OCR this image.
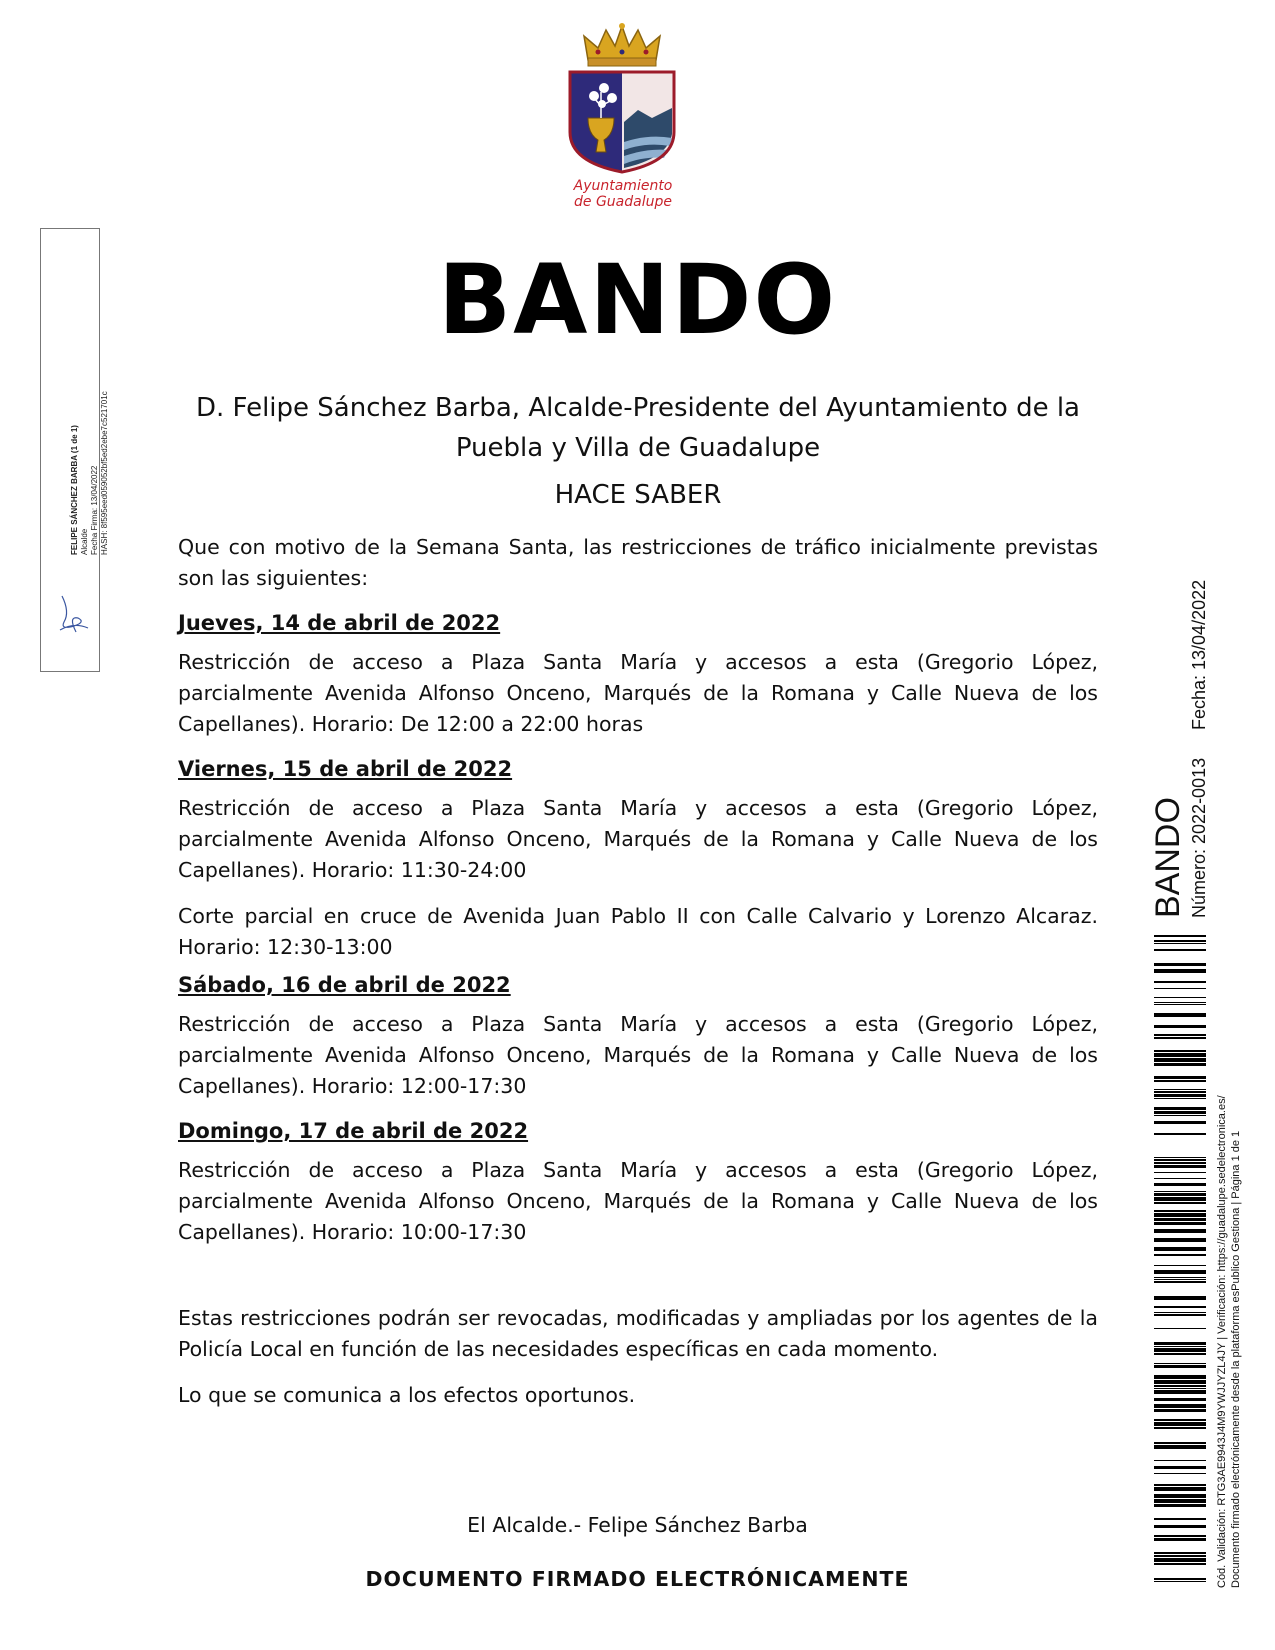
Ayuntamiento
de Guadalupe
FELIPE SÁNCHEZ BARBA (1 de 1) Alcalde Fecha Firma: 13/04/2022 HASH: 8f595eed059052bf5ed2ebe7c521701c
BANDO

D. Felipe Sánchez Barba, Alcalde-Presidente del Ayuntamiento de la Puebla y Villa de Guadalupe

HACE SABER

Que con motivo de la Semana Santa, las restricciones de tráfico inicialmente previstas son las siguientes:

Jueves, 14 de abril de 2022

Restricción de acceso a Plaza Santa María y accesos a esta (Gregorio López, parcialmente Avenida Alfonso Onceno, Marqués de la Romana y Calle Nueva de los Capellanes). Horario: De 12:00 a 22:00 horas

Viernes, 15 de abril de 2022

Restricción de acceso a Plaza Santa María y accesos a esta (Gregorio López, parcialmente Avenida Alfonso Onceno, Marqués de la Romana y Calle Nueva de los Capellanes). Horario: 11:30-24:00

Corte parcial en cruce de Avenida Juan Pablo II con Calle Calvario y Lorenzo Alcaraz. Horario: 12:30-13:00

Sábado, 16 de abril de 2022

Restricción de acceso a Plaza Santa María y accesos a esta (Gregorio López, parcialmente Avenida Alfonso Onceno, Marqués de la Romana y Calle Nueva de los Capellanes). Horario: 12:00-17:30

Domingo, 17 de abril de 2022

Restricción de acceso a Plaza Santa María y accesos a esta (Gregorio López, parcialmente Avenida Alfonso Onceno, Marqués de la Romana y Calle Nueva de los Capellanes). Horario: 10:00-17:30

Estas restricciones podrán ser revocadas, modificadas y ampliadas por los agentes de la Policía Local en función de las necesidades específicas en cada momento.

Lo que se comunica a los efectos oportunos.

El Alcalde.- Felipe Sánchez Barba
DOCUMENTO FIRMADO ELECTRÓNICAMENTE
BANDO Número: 2022-0013
Fecha: 13/04/2022
Cód. Validación: RTG3AE9943J4M9YWJJYZL4JY | Verificación: https://guadalupe.sedelectronica.es/ Documento firmado electrónicamente desde la plataforma esPublico Gestiona | Página 1 de 1
